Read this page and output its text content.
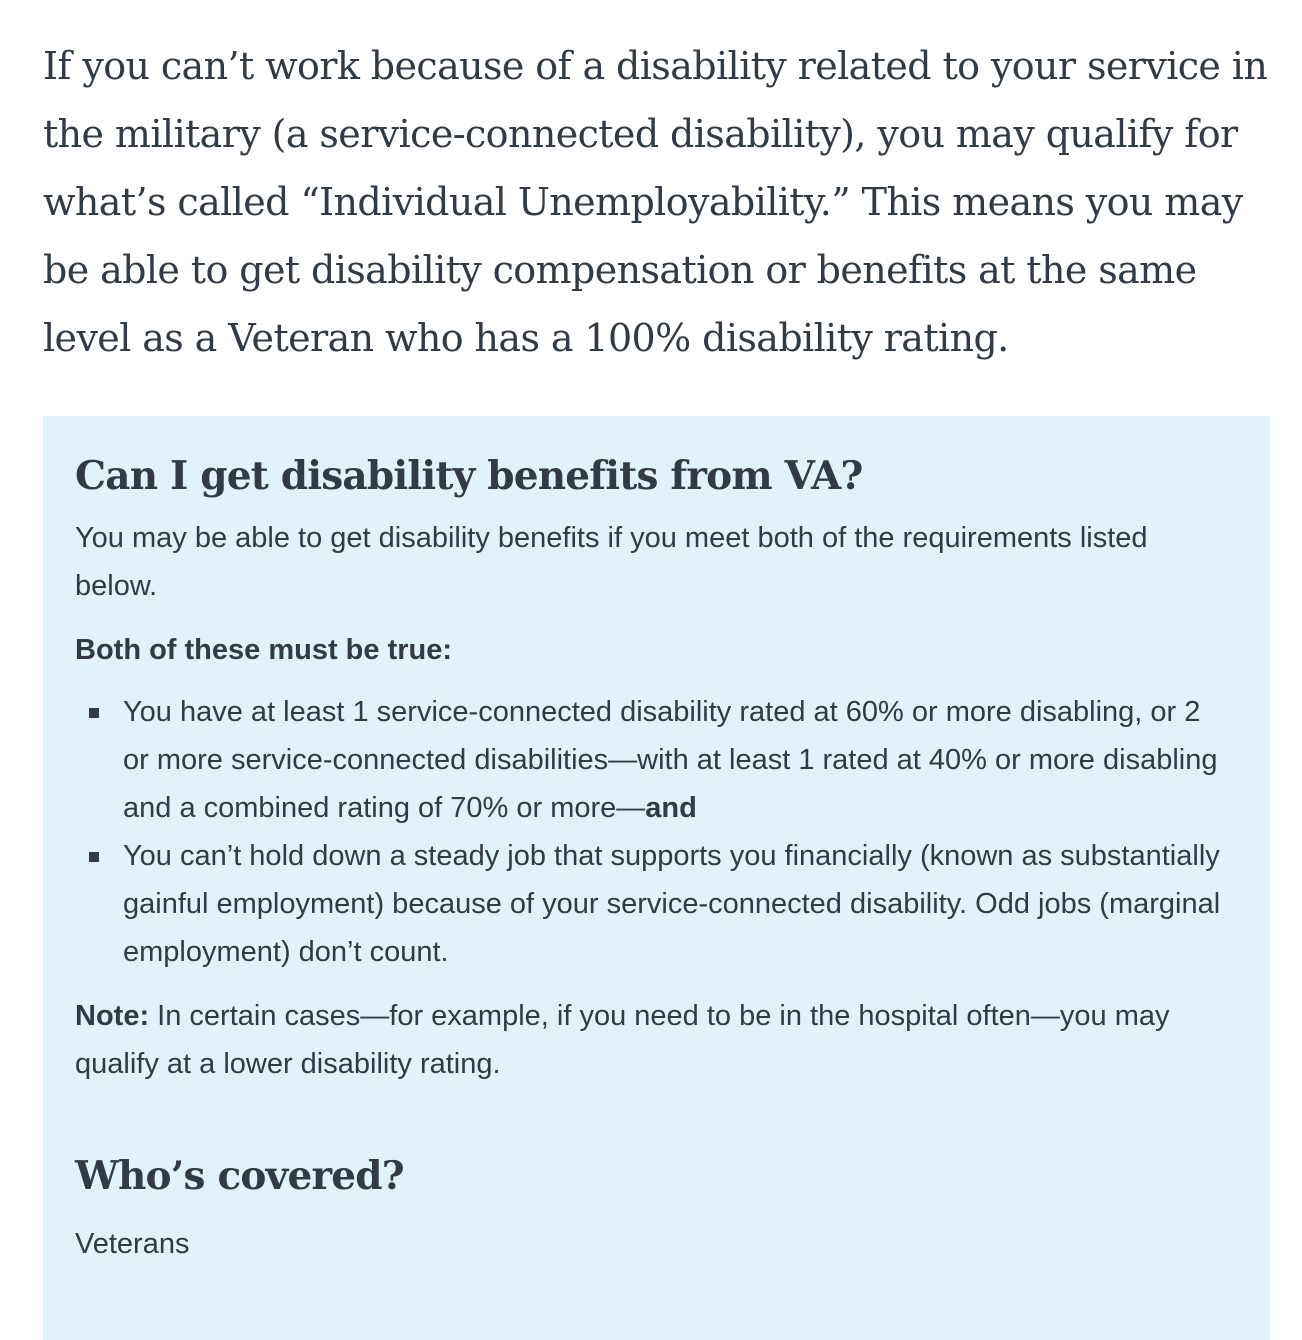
If you can’t work because of a disability related to your service in the military (a service-connected disability), you may qualify for what’s called “Individual Unemployability.” This means you may be able to get disability compensation or benefits at the same level as a Veteran who has a 100% disability rating.

Can I get disability benefits from VA?

You may be able to get disability benefits if you meet both of the requirements listed below.

Both of these must be true:

You have at least 1 service-connected disability rated at 60% or more disabling, or 2 or more service-connected disabilities—with at least 1 rated at 40% or more disabling and a combined rating of 70% or more—and
You can’t hold down a steady job that supports you financially (known as substantially gainful employment) because of your service-connected disability. Odd jobs (marginal employment) don’t count.

Note: In certain cases—for example, if you need to be in the hospital often—you may qualify at a lower disability rating.

Who’s covered?

Veterans
